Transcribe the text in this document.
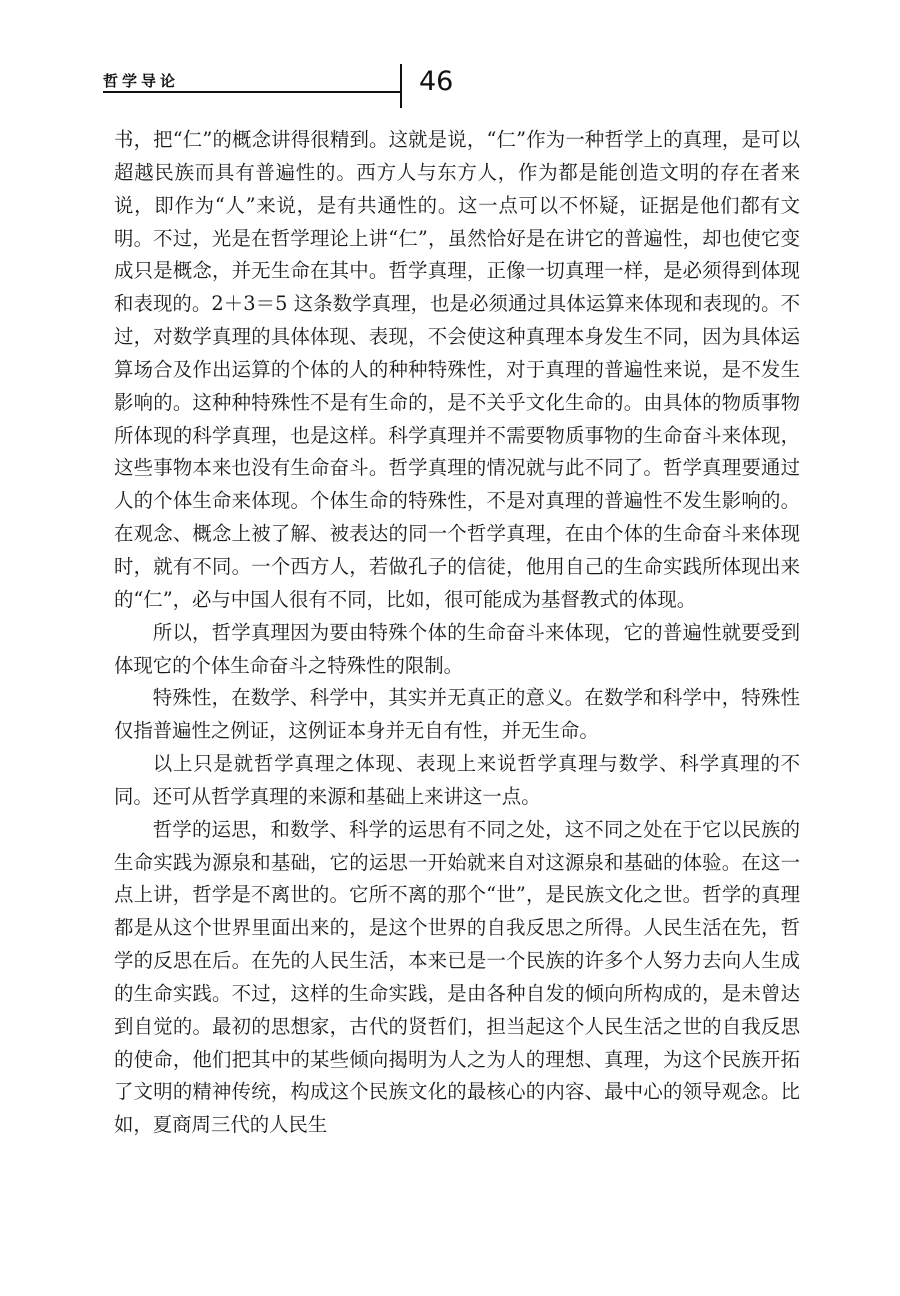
哲学导论	46

书，把“仁”的概念讲得很精到。这就是说，“仁”作为一种哲学上的真理，是可以超越民族而具有普遍性的。西方人与东方人，作为都是能创造文明的存在者来说，即作为“人”来说，是有共通性的。这一点可以不怀疑，证据是他们都有文明。不过，光是在哲学理论上讲“仁”，虽然恰好是在讲它的普遍性，却也使它变成只是概念，并无生命在其中。哲学真理，正像一切真理一样，是必须得到体现和表现的。2＋3＝5 这条数学真理，也是必须通过具体运算来体现和表现的。不过，对数学真理的具体体现、表现，不会使这种真理本身发生不同，因为具体运算场合及作出运算的个体的人的种种特殊性，对于真理的普遍性来说，是不发生影响的。这种种特殊性不是有生命的，是不关乎文化生命的。由具体的物质事物所体现的科学真理，也是这样。科学真理并不需要物质事物的生命奋斗来体现，这些事物本来也没有生命奋斗。哲学真理的情况就与此不同了。哲学真理要通过人的个体生命来体现。个体生命的特殊性，不是对真理的普遍性不发生影响的。在观念、概念上被了解、被表达的同一个哲学真理，在由个体的生命奋斗来体现时，就有不同。一个西方人，若做孔子的信徒，他用自己的生命实践所体现出来的“仁”，必与中国人很有不同，比如，很可能成为基督教式的体现。

所以，哲学真理因为要由特殊个体的生命奋斗来体现，它的普遍性就要受到体现它的个体生命奋斗之特殊性的限制。

特殊性，在数学、科学中，其实并无真正的意义。在数学和科学中，特殊性仅指普遍性之例证，这例证本身并无自有性，并无生命。

以上只是就哲学真理之体现、表现上来说哲学真理与数学、科学真理的不同。还可从哲学真理的来源和基础上来讲这一点。

哲学的运思，和数学、科学的运思有不同之处，这不同之处在于它以民族的生命实践为源泉和基础，它的运思一开始就来自对这源泉和基础的体验。在这一点上讲，哲学是不离世的。它所不离的那个“世”，是民族文化之世。哲学的真理都是从这个世界里面出来的，是这个世界的自我反思之所得。人民生活在先，哲学的反思在后。在先的人民生活，本来已是一个民族的许多个人努力去向人生成的生命实践。不过，这样的生命实践，是由各种自发的倾向所构成的，是未曾达到自觉的。最初的思想家，古代的贤哲们，担当起这个人民生活之世的自我反思的使命，他们把其中的某些倾向揭明为人之为人的理想、真理，为这个民族开拓了文明的精神传统，构成这个民族文化的最核心的内容、最中心的领导观念。比如，夏商周三代的人民生
